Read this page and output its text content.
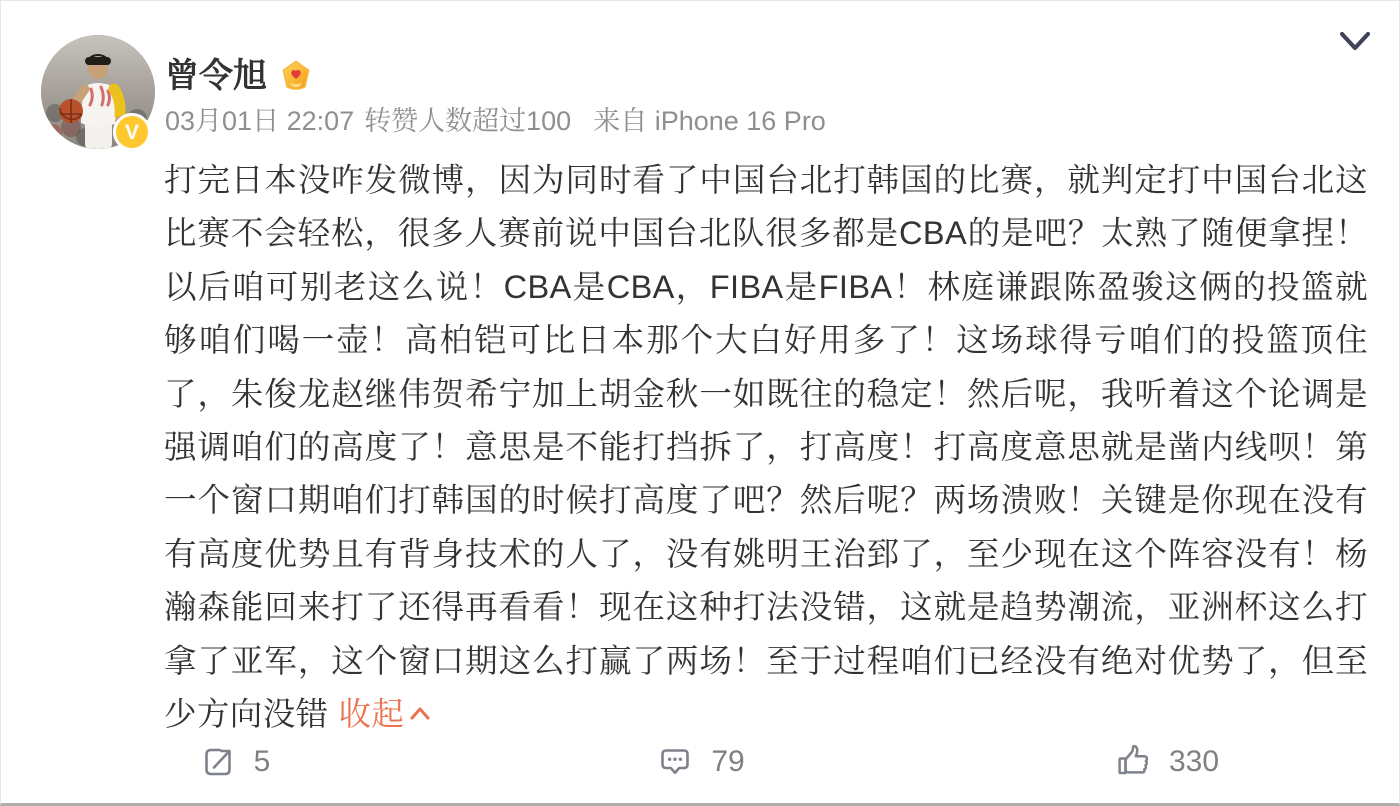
V
曾令旭
03月01日 22:07 转赞人数超过100 来自 iPhone 16 Pro
打完日本没咋发微博，因为同时看了中国台北打韩国的比赛，就判定打中国台北这比赛不会轻松，很多人赛前说中国台北队很多都是CBA的是吧？太熟了随便拿捏！以后咱可别老这么说！CBA是CBA，FIBA是FIBA！林庭谦跟陈盈骏这俩的投篮就够咱们喝一壶！高柏铠可比日本那个大白好用多了！这场球得亏咱们的投篮顶住了，朱俊龙赵继伟贺希宁加上胡金秋一如既往的稳定！然后呢，我听着这个论调是强调咱们的高度了！意思是不能打挡拆了，打高度！打高度意思就是凿内线呗！第一个窗口期咱们打韩国的时候打高度了吧？然后呢？两场溃败！关键是你现在没有有高度优势且有背身技术的人了，没有姚明王治郅了，至少现在这个阵容没有！杨瀚森能回来打了还得再看看！现在这种打法没错，这就是趋势潮流，亚洲杯这么打拿了亚军，这个窗口期这么打赢了两场！至于过程咱们已经没有绝对优势了，但至少方向没错 收起
5	79	330
